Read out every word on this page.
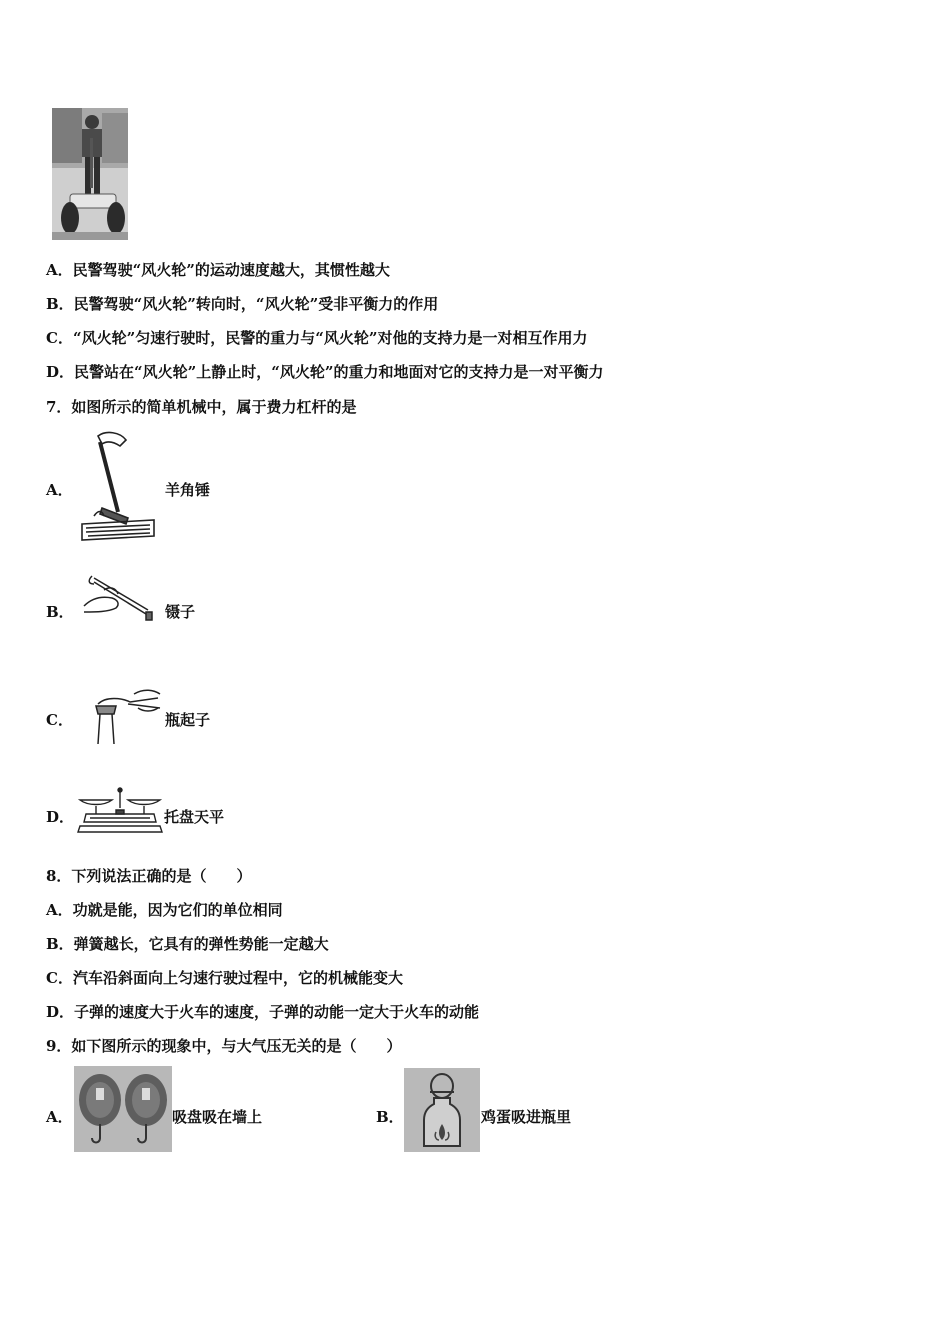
A．民警驾驶“风火轮”的运动速度越大，其惯性越大
B．民警驾驶“风火轮”转向时，“风火轮”受非平衡力的作用
C．“风火轮”匀速行驶时，民警的重力与“风火轮”对他的支持力是一对相互作用力
D．民警站在“风火轮”上静止时，“风火轮”的重力和地面对它的支持力是一对平衡力
7．如图所示的简单机械中，属于费力杠杆的是
A．	羊角锤
B．	镊子
C．	瓶起子
D．	托盘天平
8．下列说法正确的是（　　）
A．功就是能，因为它们的单位相同
B．弹簧越长，它具有的弹性势能一定越大
C．汽车沿斜面向上匀速行驶过程中，它的机械能变大
D．子弹的速度大于火车的速度，子弹的动能一定大于火车的动能
9．如下图所示的现象中，与大气压无关的是（　　）
A．	吸盘吸在墙上	B．	鸡蛋吸进瓶里
